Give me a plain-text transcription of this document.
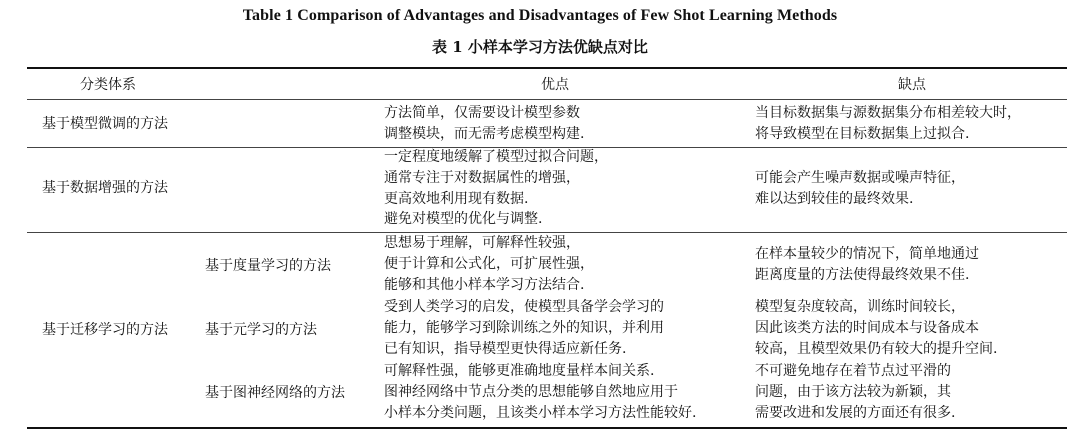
Table 1 Comparison of Advantages and Disadvantages of Few Shot Learning Methods
表 1 小样本学习方法优缺点对比
分类体系	优点	缺点
基于模型微调的方法
方法简单，仅需要设计模型参数
调整模块，而无需考虑模型构建.
当目标数据集与源数据集分布相差较大时，
将导致模型在目标数据集上过拟合.
基于数据增强的方法
一定程度地缓解了模型过拟合问题，
通常专注于对数据属性的增强，
更高效地利用现有数据.
避免对模型的优化与调整.
可能会产生噪声数据或噪声特征，
难以达到较佳的最终效果.
基于迁移学习的方法
基于度量学习的方法
思想易于理解，可解释性较强，
便于计算和公式化，可扩展性强，
能够和其他小样本学习方法结合.
在样本量较少的情况下，简单地通过
距离度量的方法使得最终效果不佳.
基于元学习的方法
受到人类学习的启发，使模型具备学会学习的
能力，能够学习到除训练之外的知识，并利用
已有知识，指导模型更快得适应新任务.
模型复杂度较高，训练时间较长，
因此该类方法的时间成本与设备成本
较高，且模型效果仍有较大的提升空间.
基于图神经网络的方法
可解释性强，能够更准确地度量样本间关系.
图神经网络中节点分类的思想能够自然地应用于
小样本分类问题，且该类小样本学习方法性能较好.
不可避免地存在着节点过平滑的
问题，由于该方法较为新颖，其
需要改进和发展的方面还有很多.
